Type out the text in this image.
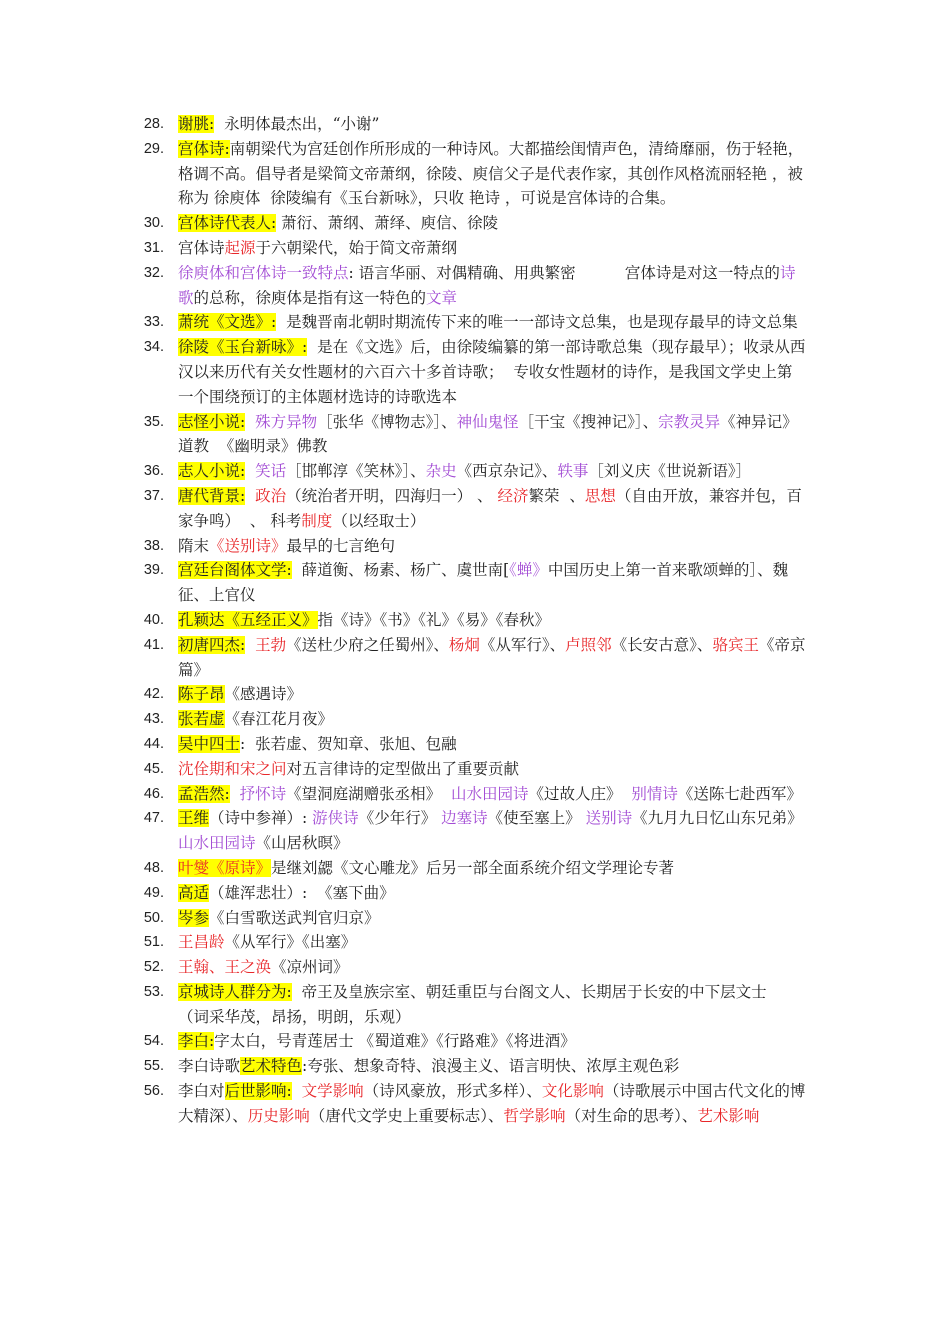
28. 谢朓:  永明体最杰出，“小谢”
29. 宫体诗:南朝梁代为宫廷创作所形成的一种诗风。大都描绘闺情声色，清绮靡丽，伤于轻艳，格调不高。倡导者是梁简文帝萧纲，徐陵、庾信父子是代表作家，其创作风格流丽轻艳 ，被称为 徐庾体  徐陵编有《玉台新咏》，只收 艳诗 ，可说是宫体诗的合集。
30. 宫体诗代表人: 萧衍、萧纲、萧绎、庾信、徐陵
31. 宫体诗起源于六朝梁代，始于简文帝萧纲
32. 徐庾体和宫体诗一致特点: 语言华丽、对偶精确、用典繁密          宫体诗是对这一特点的诗歌的总称，徐庾体是指有这一特色的文章
33. 萧统《文选》:  是魏晋南北朝时期流传下来的唯一一部诗文总集，也是现存最早的诗文总集
34. 徐陵《玉台新咏》:  是在《文选》后，由徐陵编纂的第一部诗歌总集（现存最早）；收录从西汉以来历代有关女性题材的六百六十多首诗歌；  专收女性题材的诗作，是我国文学史上第一个围绕预订的主体题材选诗的诗歌选本
35. 志怪小说: 殊方异物［张华《博物志》］、神仙鬼怪［干宝《搜神记》］、宗教灵异《神异记》道教  《幽明录》佛教
36. 志人小说: 笑话［邯郸淳《笑林》］、杂史《西京杂记》、轶事［刘义庆《世说新语》］
37. 唐代背景: 政治（统治者开明，四海归一） 、 经济繁荣  、思想（自由开放，兼容并包，百家争鸣）  、 科考制度（以经取士）
38. 隋末《送别诗》最早的七言绝句
39. 宫廷台阁体文学:  薛道衡、杨素、杨广、虞世南[《蝉》中国历史上第一首来歌颂蝉的］、魏征、上官仪
40. 孔颖达《五经正义》指《诗》《书》《礼》《易》《春秋》
41. 初唐四杰: 王勃《送杜少府之任蜀州》、杨炯《从军行》、卢照邻《长安古意》、骆宾王《帝京篇》
42. 陈子昂《感遇诗》
43. 张若虚《春江花月夜》
44. 吴中四士:  张若虚、贺知章、张旭、包融
45. 沈佺期和宋之问对五言律诗的定型做出了重要贡献
46. 孟浩然: 抒怀诗《望洞庭湖赠张丞相》  山水田园诗《过故人庄》  别情诗《送陈七赴西军》
47. 王维（诗中参禅）: 游侠诗《少年行》 边塞诗《使至塞上》 送别诗《九月九日忆山东兄弟》  山水田园诗《山居秋暝》
48. 叶燮《原诗》是继刘勰《文心雕龙》后另一部全面系统介绍文学理论专著
49. 高适（雄浑悲壮）:  《塞下曲》
50. 岑参《白雪歌送武判官归京》
51. 王昌龄《从军行》《出塞》
52. 王翰、王之涣《凉州词》
53. 京城诗人群分为:  帝王及皇族宗室、朝廷重臣与台阁文人、长期居于长安的中下层文士    （词采华茂，昂扬，明朗，乐观）
54. 李白:字太白，号青莲居士 《蜀道难》《行路难》《将进酒》
55. 李白诗歌艺术特色:夸张、想象奇特、浪漫主义、语言明快、浓厚主观色彩
56. 李白对后世影响: 文学影响（诗风豪放，形式多样）、文化影响（诗歌展示中国古代文化的博大精深）、历史影响（唐代文学史上重要标志）、哲学影响（对生命的思考）、艺术影响
